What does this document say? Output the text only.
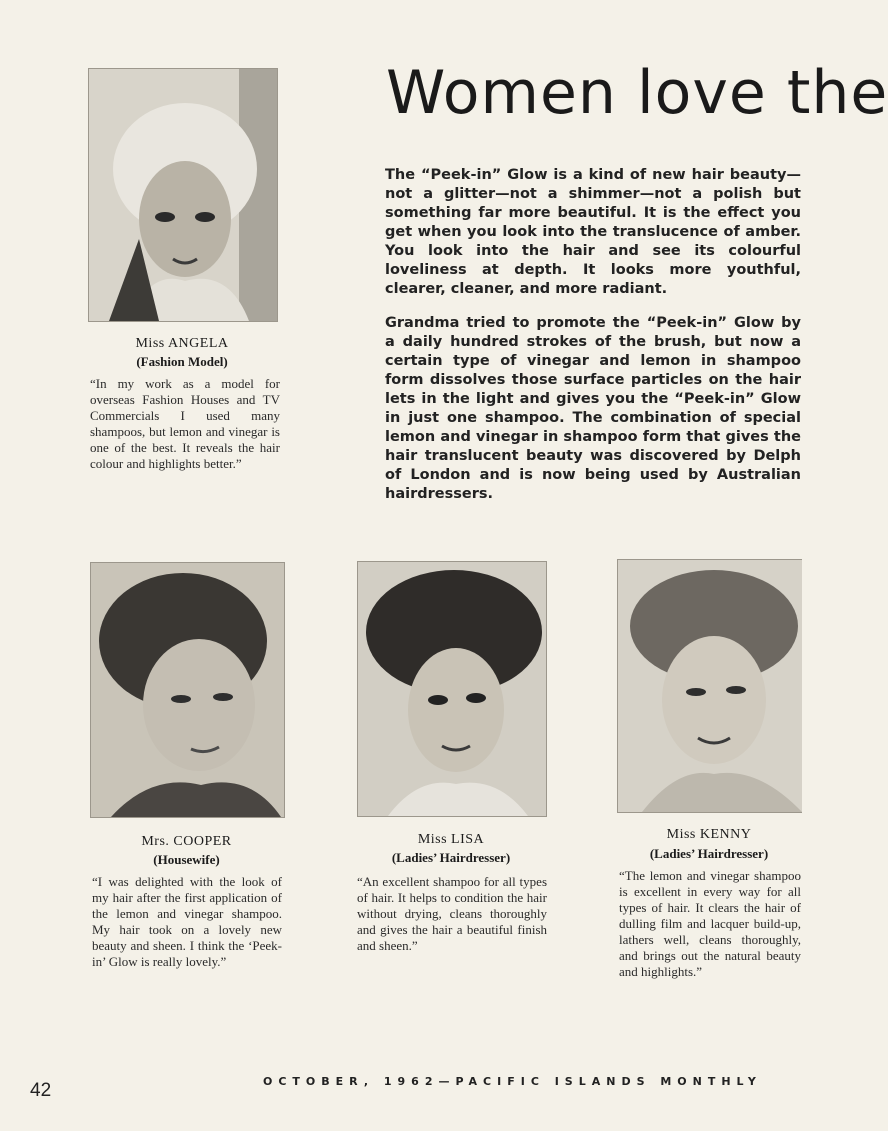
Miss ANGELA
(Fashion Model)
“In my work as a model for overseas Fashion Houses and TV Commercials I used many shampoos, but lemon and vinegar is one of the best. It reveals the hair colour and highlights better.”
Women love the
The “Peek-in” Glow is a kind of new hair beauty—not a glitter—not a shimmer—not a polish but something far more beautiful. It is the effect you get when you look into the translucence of amber. You look into the hair and see its colourful loveliness at depth. It looks more youthful, clearer, cleaner, and more radiant.
Grandma tried to promote the “Peek-in” Glow by a daily hundred strokes of the brush, but now a certain type of vinegar and lemon in shampoo form dissolves those surface particles on the hair lets in the light and gives you the “Peek-in” Glow in just one shampoo. The combination of special lemon and vinegar in shampoo form that gives the hair translucent beauty was discovered by Delph of London and is now being used by Australian hairdressers.
Mrs. COOPER
(Housewife)
“I was delighted with the look of my hair after the first application of the lemon and vinegar shampoo. My hair took on a lovely new beauty and sheen. I think the ‘Peek-in’ Glow is really lovely.”
Miss LISA
(Ladies’ Hairdresser)
“An excellent shampoo for all types of hair. It helps to condition the hair without drying, cleans thoroughly and gives the hair a beautiful finish and sheen.”
Miss KENNY
(Ladies’ Hairdresser)
“The lemon and vinegar shampoo is excellent in every way for all types of hair. It clears the hair of dulling film and lacquer build-up, lathers well, cleans thoroughly, and brings out the natural beauty and highlights.”
42	OCTOBER, 1962—PACIFIC ISLANDS MONTHLY
